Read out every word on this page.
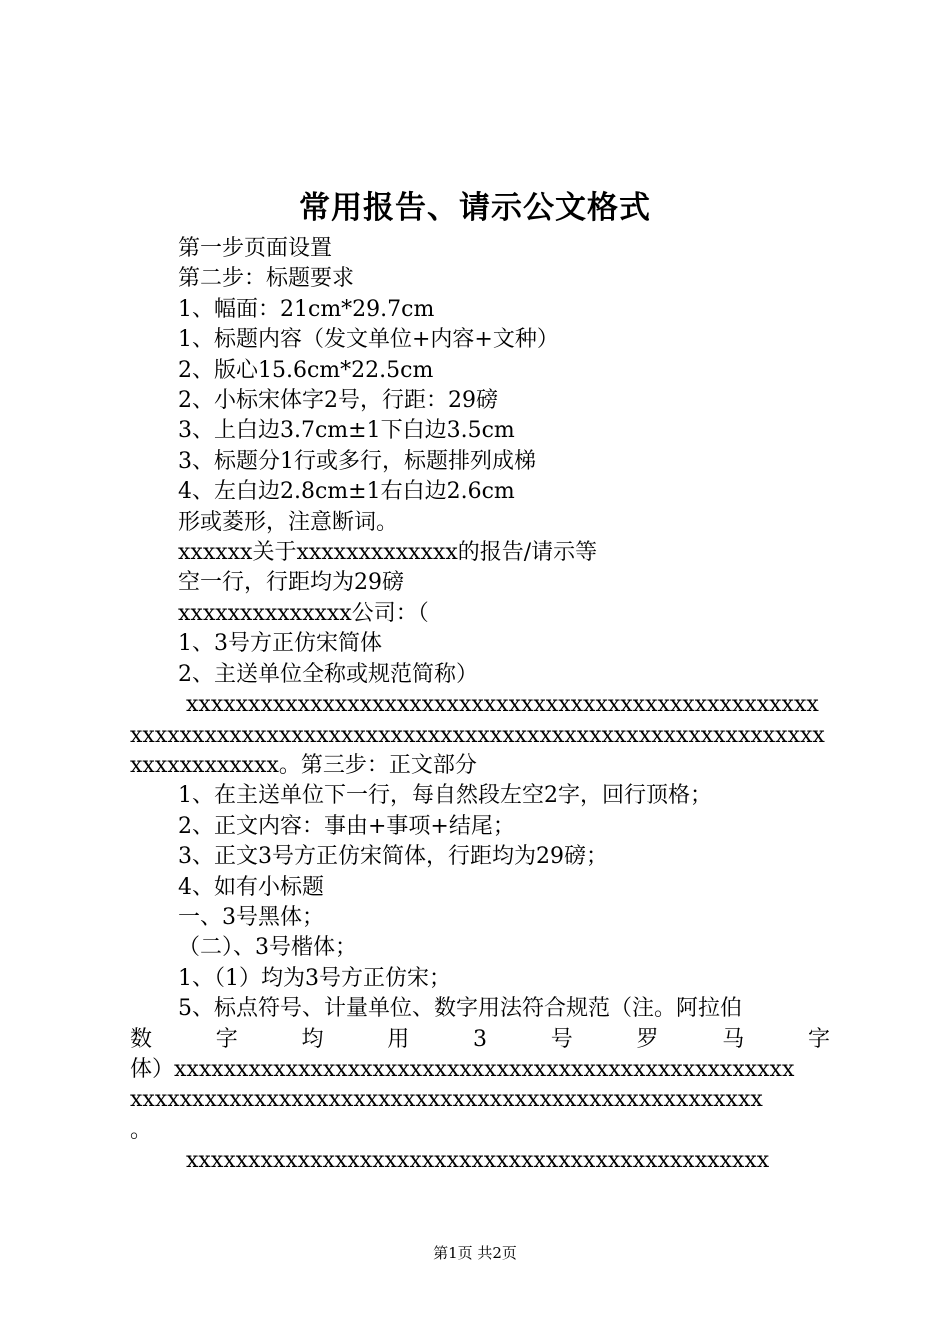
常用报告、请示公文格式

第一步页面设置

第二步：标题要求

1、幅面：21cm*29.7cm

1、标题内容（发文单位+内容+文种）

2、版心15.6cm*22.5cm

2、小标宋体字2号，行距：29磅

3、上白边3.7cm±1下白边3.5cm

3、标题分1行或多行，标题排列成梯

4、左白边2.8cm±1右白边2.6cm

形或菱形，注意断词。

xxxxxx关于xxxxxxxxxxxxx的报告/请示等

空一行，行距均为29磅

xxxxxxxxxxxxxx公司：（

1、3号方正仿宋简体

2、主送单位全称或规范简称）

xxxxxxxxxxxxxxxxxxxxxxxxxxxxxxxxxxxxxxxxxxxxxxxxxxxxxxxxxxxxxxxxxxxxxxxxxxxxxxxxxxxxxxxxxxxxxxxxxxxxxxxxxxxxxxxxxxxxxxx。第三步：正文部分

1、在主送单位下一行，每自然段左空2字，回行顶格；

2、正文内容：事由+事项+结尾；

3、正文3号方正仿宋简体，行距均为29磅；

4、如有小标题

一、3号黑体；

（二）、3号楷体；

1、（1）均为3号方正仿宋；

5、标点符号、计量单位、数字用法符合规范（注。阿拉伯

数	字	均	用	3	号	罗	马	字

体）xxxxxxxxxxxxxxxxxxxxxxxxxxxxxxxxxxxxxxxxxxxxxxxxxx

xxxxxxxxxxxxxxxxxxxxxxxxxxxxxxxxxxxxxxxxxxxxxxxxxxx

。

xxxxxxxxxxxxxxxxxxxxxxxxxxxxxxxxxxxxxxxxxxxxxxx

第1页 共2页
